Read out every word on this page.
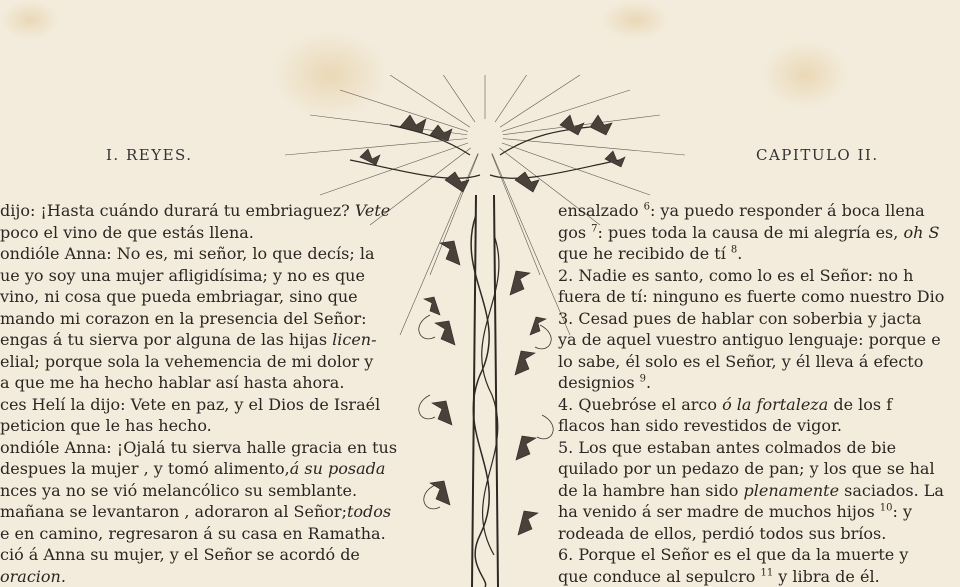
I. REYES.	CAPITULO II.
dijo: ¡Hasta cuándo durará tu embriaguez? Vete
poco el vino de que estás llena.
ondióle Anna: No es, mi señor, lo que decís; la
ue yo soy una mujer afligidísima; y no es que
vino, ni cosa que pueda embriagar, sino que
mando mi corazon en la presencia del Señor:
engas á tu sierva por alguna de las hijas licen-
elial; porque sola la vehemencia de mi dolor y
a que me ha hecho hablar así hasta ahora.
ces Helí la dijo: Vete en paz, y el Dios de Israél
peticion que le has hecho.
ondióle Anna: ¡Ojalá tu sierva halle gracia en tus
despues la mujer , y tomó alimento,á su posada
nces ya no se vió melancólico su semblante.
mañana se levantaron , adoraron al Señor;todos
e en camino, regresaron á su casa en Ramatha.
ció á Anna su mujer, y el Señor se acordó de
oracion.
ensalzado $^6$: ya puedo responder á boca llena
gos $^7$: pues toda la causa de mi alegría es, oh S
que he recibido de tí $^8$.
2. Nadie es santo, como lo es el Señor: no h
fuera de tí: ninguno es fuerte como nuestro Dio
3. Cesad pues de hablar con soberbia y jacta
ya de aquel vuestro antiguo lenguaje: porque e
lo sabe, él solo es el Señor, y él lleva á efecto
designios $^9$.
4. Quebróse el arco ó la fortaleza de los f
flacos han sido revestidos de vigor.
5. Los que estaban antes colmados de bie
quilado por un pedazo de pan; y los que se hal
de la hambre han sido plenamente saciados. La
ha venido á ser madre de muchos hijos $^{10}$: y
rodeada de ellos, perdió todos sus bríos.
6. Porque el Señor es el que da la muerte y
que conduce al sepulcro $^{11}$ y libra de él.
